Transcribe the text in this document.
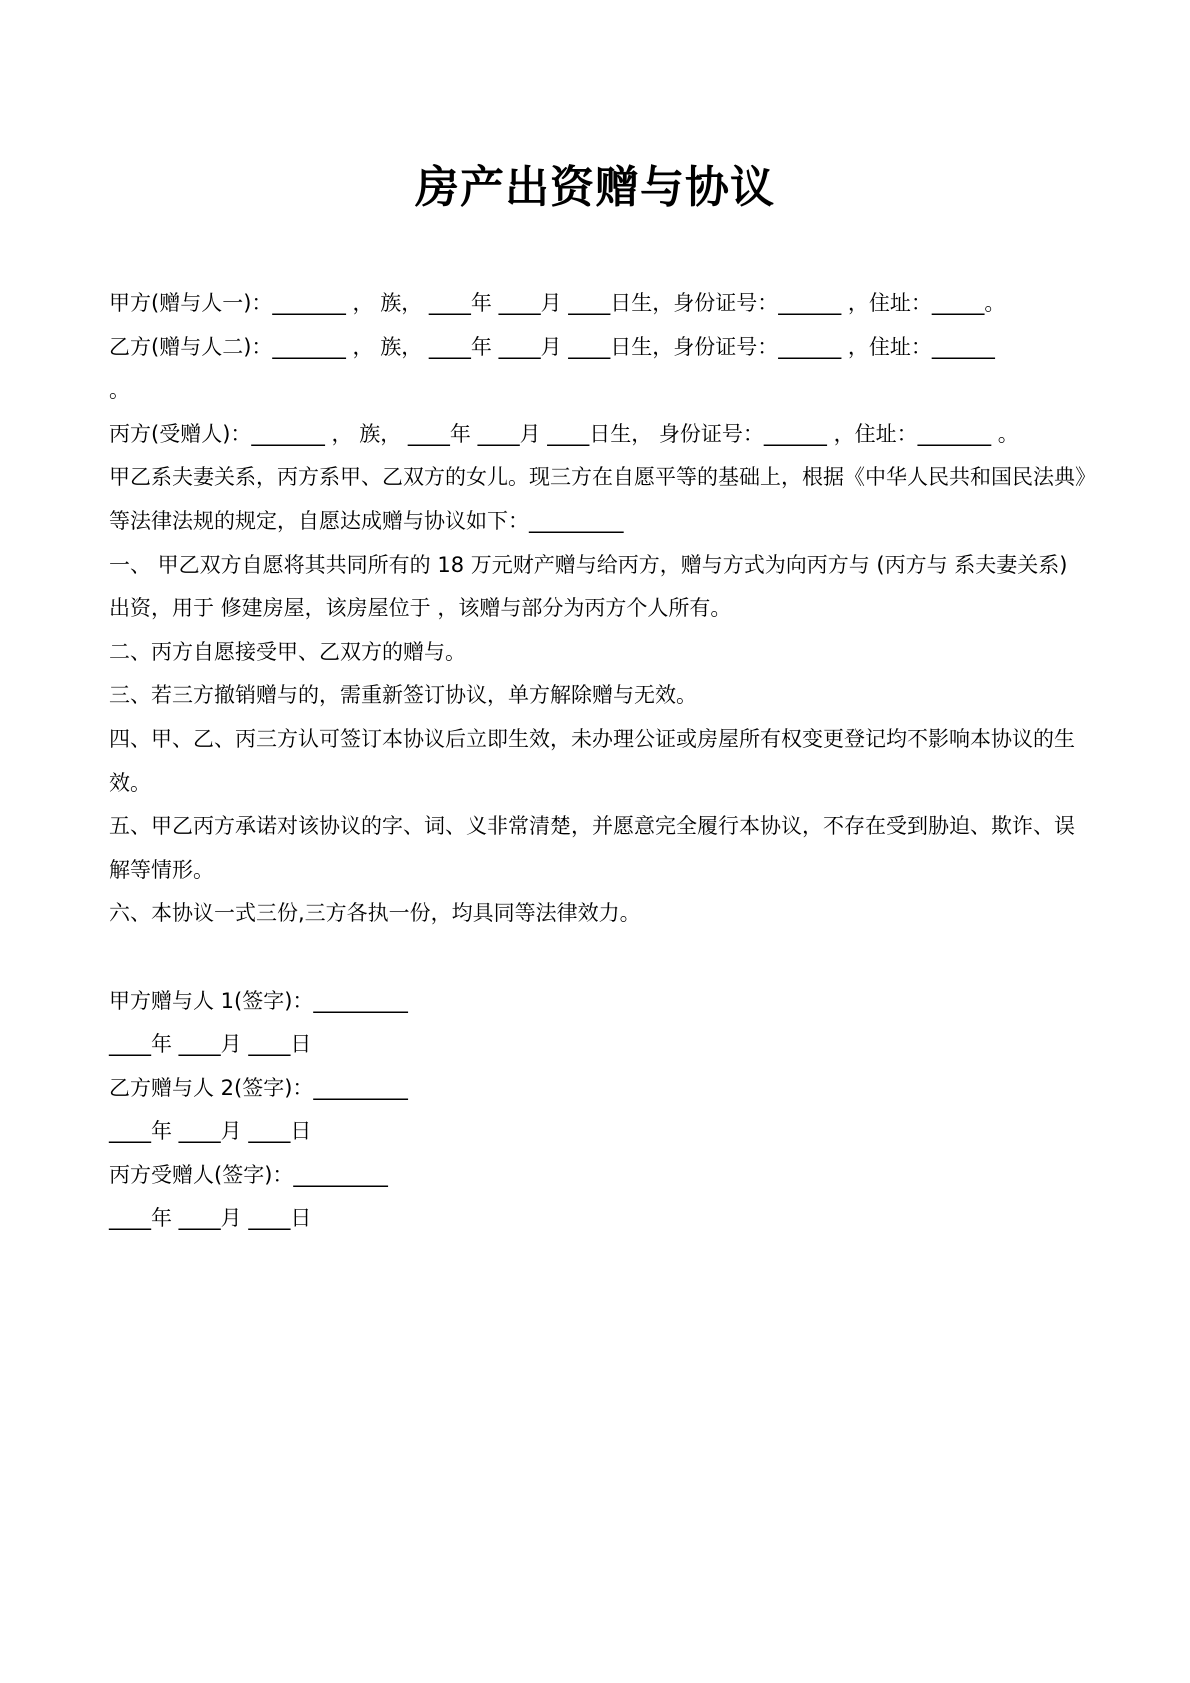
房产出资赠与协议
甲方(赠与人一)：_______ ， 族， ____年 ____月 ____日生，身份证号：______ ，住址：_____。
乙方(赠与人二)：_______ ， 族， ____年 ____月 ____日生，身份证号：______ ，住址：______
。
丙方(受赠人)：_______ ， 族， ____年 ____月 ____日生， 身份证号：______ ，住址：_______ 。
甲乙系夫妻关系，丙方系甲、乙双方的女儿。现三方在自愿平等的基础上，根据《中华人民共和国民法典》等法律法规的规定，自愿达成赠与协议如下：_________
一、 甲乙双方自愿将其共同所有的 18 万元财产赠与给丙方，赠与方式为向丙方与 (丙方与 系夫妻关系)出资，用于 修建房屋，该房屋位于 ，该赠与部分为丙方个人所有。
二、丙方自愿接受甲、乙双方的赠与。
三、若三方撤销赠与的，需重新签订协议，单方解除赠与无效。
四、甲、乙、丙三方认可签订本协议后立即生效，未办理公证或房屋所有权变更登记均不影响本协议的生效。
五、甲乙丙方承诺对该协议的字、词、义非常清楚，并愿意完全履行本协议，不存在受到胁迫、欺诈、误解等情形。
六、本协议一式三份,三方各执一份，均具同等法律效力。
甲方赠与人 1(签字)：_________
____年 ____月 ____日
乙方赠与人 2(签字)：_________
____年 ____月 ____日
丙方受赠人(签字)：_________
____年 ____月 ____日
